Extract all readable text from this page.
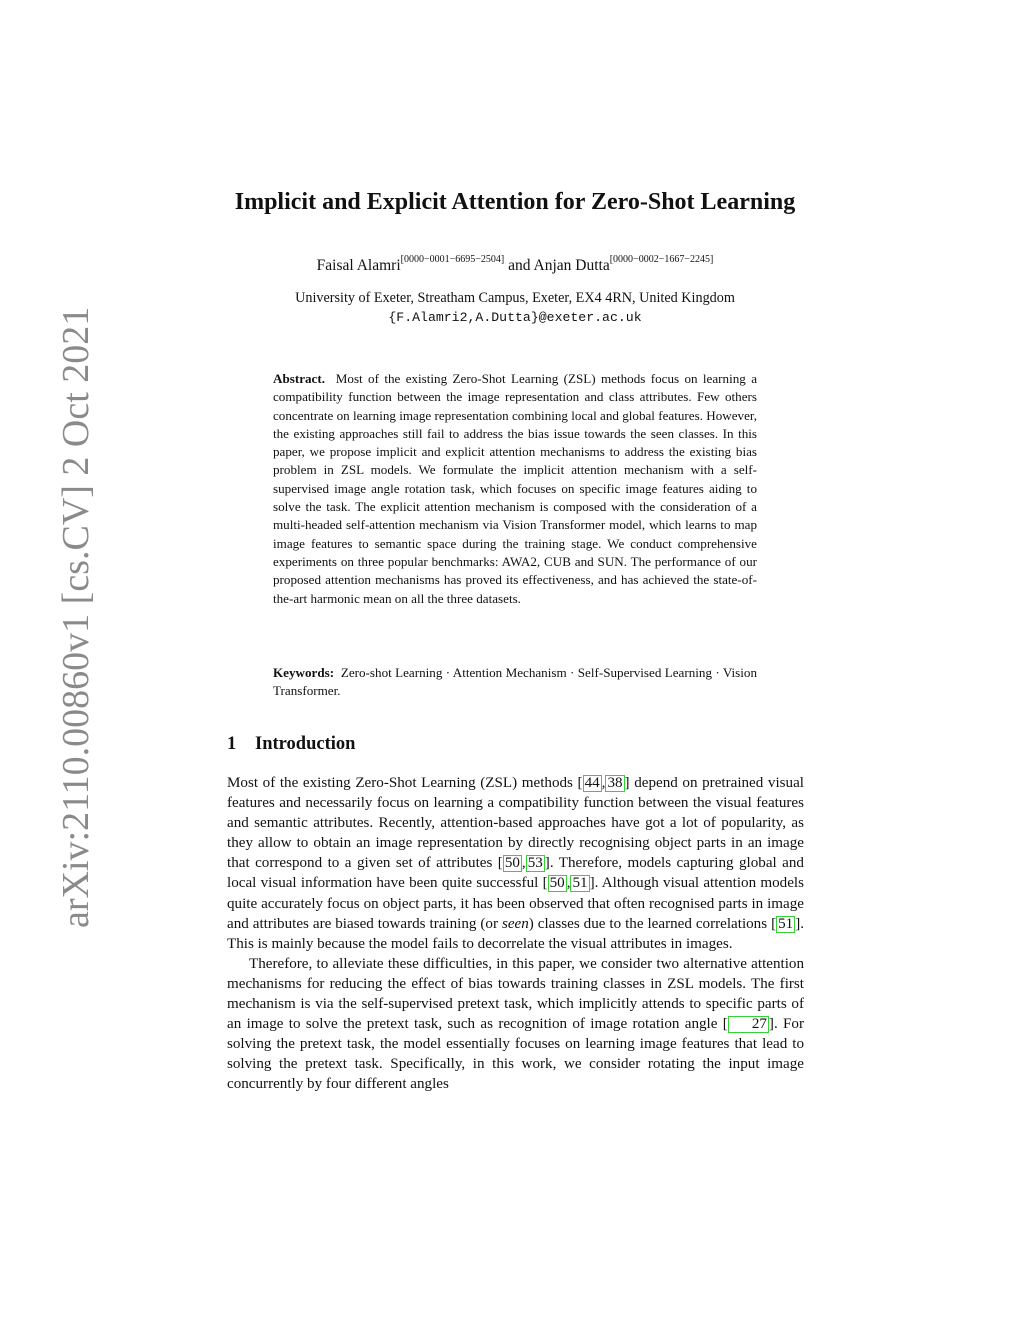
arXiv:2110.00860v1 [cs.CV] 2 Oct 2021
Implicit and Explicit Attention for Zero-Shot Learning
Faisal Alamri[0000−0001−6695−2504] and Anjan Dutta[0000−0002−1667−2245]
University of Exeter, Streatham Campus, Exeter, EX4 4RN, United Kingdom
{F.Alamri2,A.Dutta}@exeter.ac.uk
Abstract. Most of the existing Zero-Shot Learning (ZSL) methods focus on learning a compatibility function between the image representation and class attributes. Few others concentrate on learning image representation combining local and global features. However, the existing approaches still fail to address the bias issue towards the seen classes. In this paper, we propose implicit and explicit attention mechanisms to address the existing bias problem in ZSL models. We formulate the implicit attention mechanism with a self-supervised image angle rotation task, which focuses on specific image features aiding to solve the task. The explicit attention mechanism is composed with the consideration of a multi-headed self-attention mechanism via Vision Transformer model, which learns to map image features to semantic space during the training stage. We conduct comprehensive experiments on three popular benchmarks: AWA2, CUB and SUN. The performance of our proposed attention mechanisms has proved its effectiveness, and has achieved the state-of-the-art harmonic mean on all the three datasets.
Keywords: Zero-shot Learning · Attention Mechanism · Self-Supervised Learning · Vision Transformer.
1 Introduction

Most of the existing Zero-Shot Learning (ZSL) methods [ 44 , 38 ] depend on pretrained visual features and necessarily focus on learning a compatibility function between the visual features and semantic attributes. Recently, attention-based approaches have got a lot of popularity, as they allow to obtain an image representation by directly recognising object parts in an image that correspond to a given set of attributes [ 50 , 53 ]. Therefore, models capturing global and local visual information have been quite successful [ 50 , 51 ]. Although visual attention models quite accurately focus on object parts, it has been observed that often recognised parts in image and attributes are biased towards training (or seen) classes due to the learned correlations [ 51 ]. This is mainly because the model fails to decorrelate the visual attributes in images.

Therefore, to alleviate these difficulties, in this paper, we consider two alternative attention mechanisms for reducing the effect of bias towards training classes in ZSL models. The first mechanism is via the self-supervised pretext task, which implicitly attends to specific parts of an image to solve the pretext task, such as recognition of image rotation angle [ 27 ]. For solving the pretext task, the model essentially focuses on learning image features that lead to solving the pretext task. Specifically, in this work, we consider rotating the input image concurrently by four different angles
